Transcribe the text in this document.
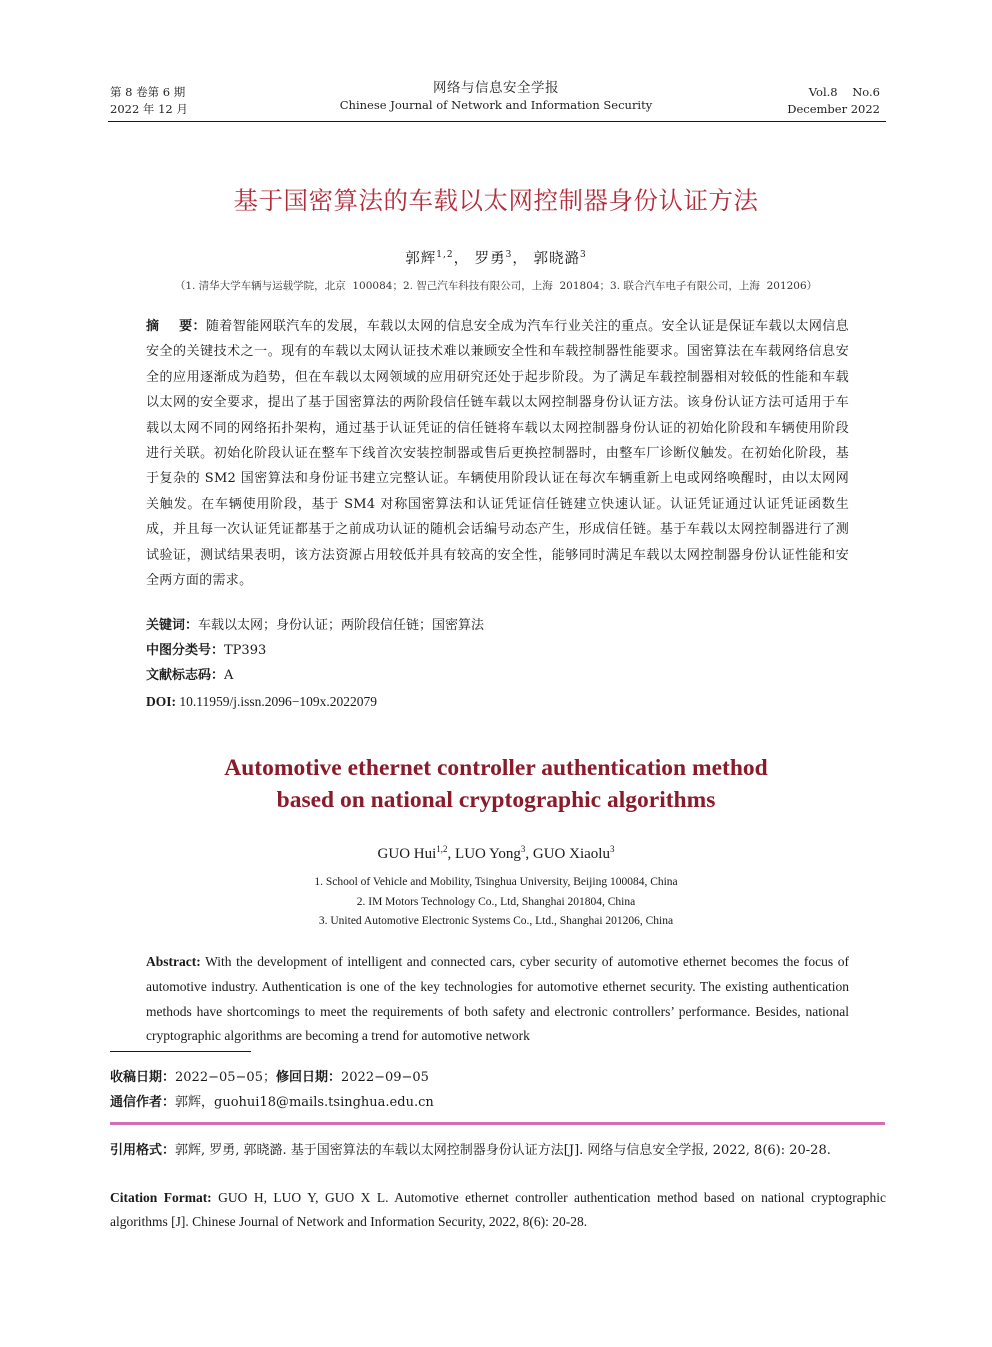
第 8 卷第 6 期
2022 年 12 月
网络与信息安全学报
Chinese Journal of Network and Information Security
Vol.8    No.6
December 2022
基于国密算法的车载以太网控制器身份认证方法
郭辉$^{1,2}$， 罗勇$^3$， 郭晓潞$^3$
（1. 清华大学车辆与运载学院，北京  100084；2. 智己汽车科技有限公司，上海  201804；3. 联合汽车电子有限公司，上海  201206）
摘    要：随着智能网联汽车的发展，车载以太网的信息安全成为汽车行业关注的重点。安全认证是保证车载以太网信息安全的关键技术之一。现有的车载以太网认证技术难以兼顾安全性和车载控制器性能要求。国密算法在车载网络信息安全的应用逐渐成为趋势，但在车载以太网领域的应用研究还处于起步阶段。为了满足车载控制器相对较低的性能和车载以太网的安全要求，提出了基于国密算法的两阶段信任链车载以太网控制器身份认证方法。该身份认证方法可适用于车载以太网不同的网络拓扑架构，通过基于认证凭证的信任链将车载以太网控制器身份认证的初始化阶段和车辆使用阶段进行关联。初始化阶段认证在整车下线首次安装控制器或售后更换控制器时，由整车厂诊断仪触发。在初始化阶段，基于复杂的 SM2 国密算法和身份证书建立完整认证。车辆使用阶段认证在每次车辆重新上电或网络唤醒时，由以太网网关触发。在车辆使用阶段，基于 SM4 对称国密算法和认证凭证信任链建立快速认证。认证凭证通过认证凭证函数生成，并且每一次认证凭证都基于之前成功认证的随机会话编号动态产生，形成信任链。基于车载以太网控制器进行了测试验证，测试结果表明，该方法资源占用较低并具有较高的安全性，能够同时满足车载以太网控制器身份认证性能和安全两方面的需求。
关键词：车载以太网；身份认证；两阶段信任链；国密算法
中图分类号：TP393
文献标志码：A
DOI: 10.11959/j.issn.2096−109x.2022079
Automotive ethernet controller authentication method
based on national cryptographic algorithms
GUO Hui$^{1,2}$, LUO Yong$^3$, GUO Xiaolu$^3$
1. School of Vehicle and Mobility, Tsinghua University, Beijing 100084, China
2. IM Motors Technology Co., Ltd, Shanghai 201804, China
3. United Automotive Electronic Systems Co., Ltd., Shanghai 201206, China
Abstract: With the development of intelligent and connected cars, cyber security of automotive ethernet becomes the focus of automotive industry. Authentication is one of the key technologies for automotive ethernet security. The existing authentication methods have shortcomings to meet the requirements of both safety and electronic controllers’ performance. Besides, national cryptographic algorithms are becoming a trend for automotive network
收稿日期：2022−05−05；修回日期：2022−09−05
通信作者：郭辉，guohui18@mails.tsinghua.edu.cn
引用格式：郭辉, 罗勇, 郭晓潞. 基于国密算法的车载以太网控制器身份认证方法[J]. 网络与信息安全学报, 2022, 8(6): 20-28.
Citation Format: GUO H, LUO Y, GUO X L. Automotive ethernet controller authentication method based on national cryptographic algorithms [J]. Chinese Journal of Network and Information Security, 2022, 8(6): 20-28.
